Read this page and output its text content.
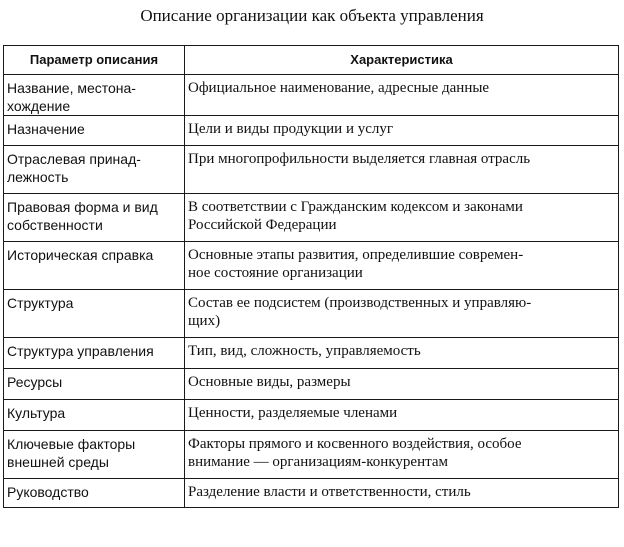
Описание организации как объекта управления
Параметр описания	Характеристика

Название, местона-
хождение	Официальное наименование, адресные данные

Назначение	Цели и виды продукции и услуг

Отраслевая принад-
лежность	При многопрофильности выделяется главная отрасль

Правовая форма и вид
собственности	В соответствии с Гражданским кодексом и законами
Российской Федерации

Историческая справка	Основные этапы развития, определившие современ-
ное состояние организации

Структура	Состав ее подсистем (производственных и управляю-
щих)

Структура управления	Тип, вид, сложность, управляемость

Ресурсы	Основные виды, размеры

Культура	Ценности, разделяемые членами

Ключевые факторы
внешней среды	Факторы прямого и косвенного воздействия, особое
внимание — организациям-конкурентам

Руководство	Разделение власти и ответственности, стиль
